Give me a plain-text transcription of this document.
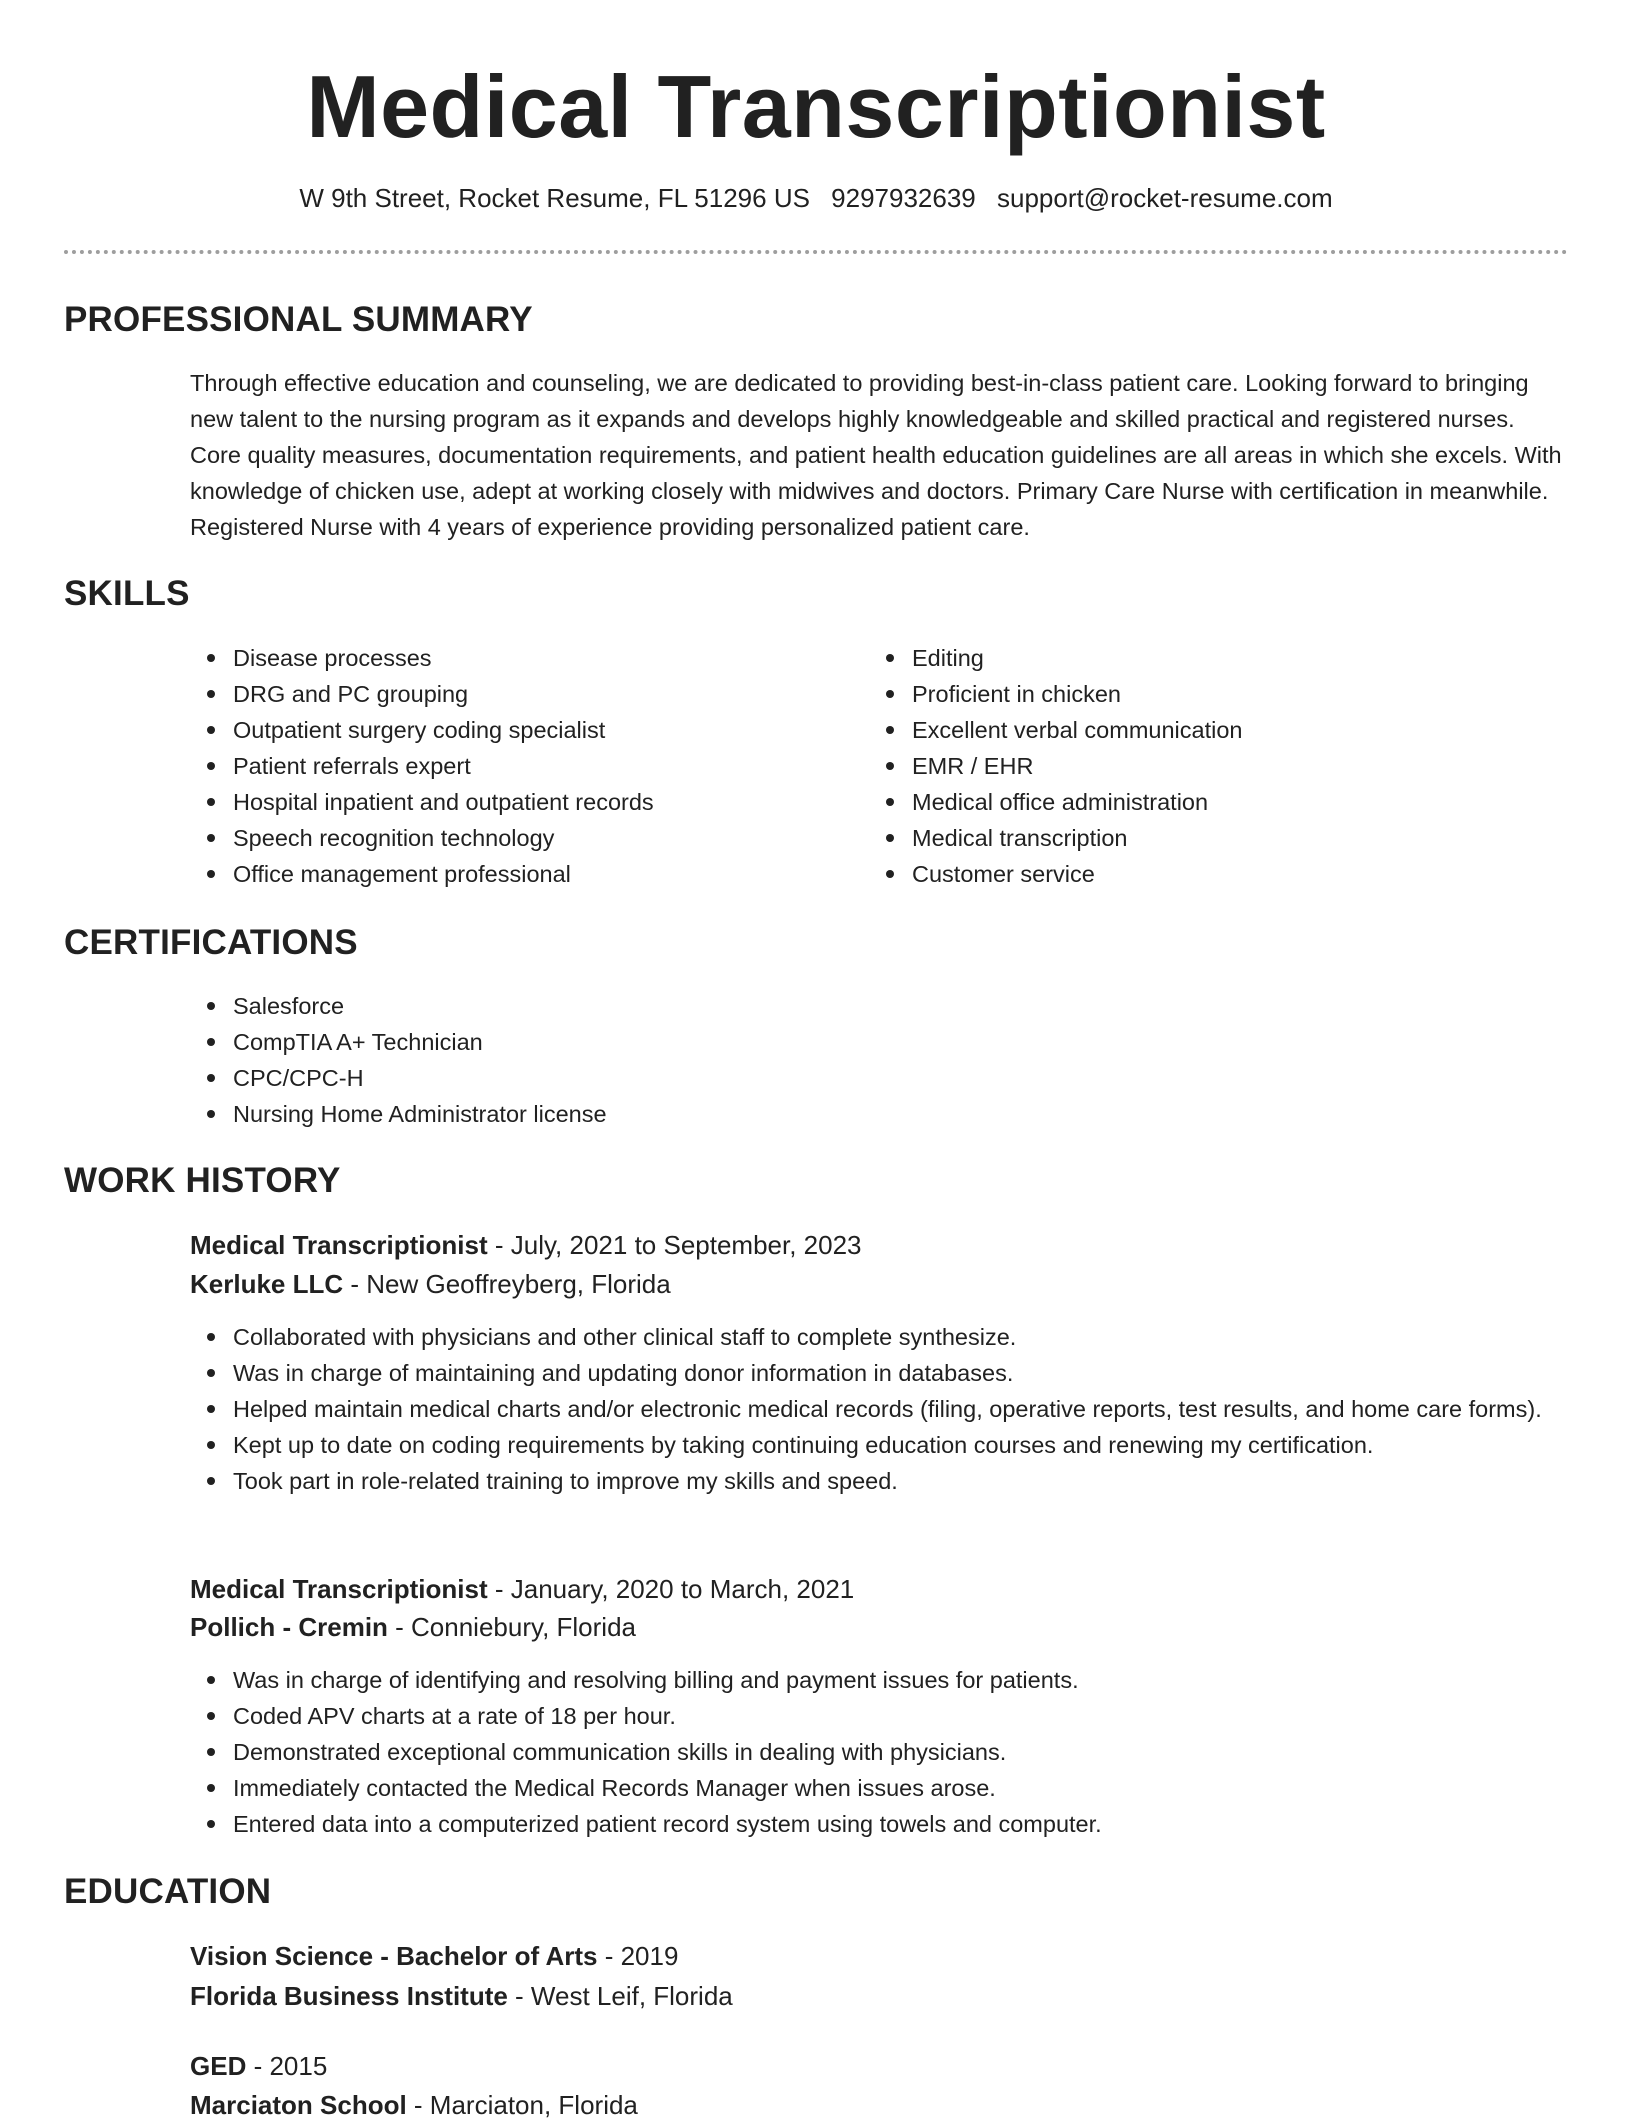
Medical Transcriptionist
W 9th Street, Rocket Resume, FL 51296 US 9297932639 support@rocket-resume.com
PROFESSIONAL SUMMARY

Through effective education and counseling, we are dedicated to providing best-in-class patient care. Looking forward to bringing new talent to the nursing program as it expands and develops highly knowledgeable and skilled practical and registered nurses. Core quality measures, documentation requirements, and patient health education guidelines are all areas in which she excels. With knowledge of chicken use, adept at working closely with midwives and doctors. Primary Care Nurse with certification in meanwhile. Registered Nurse with 4 years of experience providing personalized patient care.

SKILLS
Disease processes
DRG and PC grouping
Outpatient surgery coding specialist
Patient referrals expert
Hospital inpatient and outpatient records
Speech recognition technology
Office management professional
Editing
Proficient in chicken
Excellent verbal communication
EMR / EHR
Medical office administration
Medical transcription
Customer service
CERTIFICATIONS
Salesforce
CompTIA A+ Technician
CPC/CPC-H
Nursing Home Administrator license
WORK HISTORY

Medical Transcriptionist - July, 2021 to September, 2023

Kerluke LLC - New Geoffreyberg, Florida

Collaborated with physicians and other clinical staff to complete synthesize.
Was in charge of maintaining and updating donor information in databases.
Helped maintain medical charts and/or electronic medical records (filing, operative reports, test results, and home care forms).
Kept up to date on coding requirements by taking continuing education courses and renewing my certification.
Took part in role-related training to improve my skills and speed.

Medical Transcriptionist - January, 2020 to March, 2021

Pollich - Cremin - Conniebury, Florida

Was in charge of identifying and resolving billing and payment issues for patients.
Coded APV charts at a rate of 18 per hour.
Demonstrated exceptional communication skills in dealing with physicians.
Immediately contacted the Medical Records Manager when issues arose.
Entered data into a computerized patient record system using towels and computer.
EDUCATION

Vision Science - Bachelor of Arts - 2019

Florida Business Institute - West Leif, Florida

GED - 2015

Marciaton School - Marciaton, Florida
